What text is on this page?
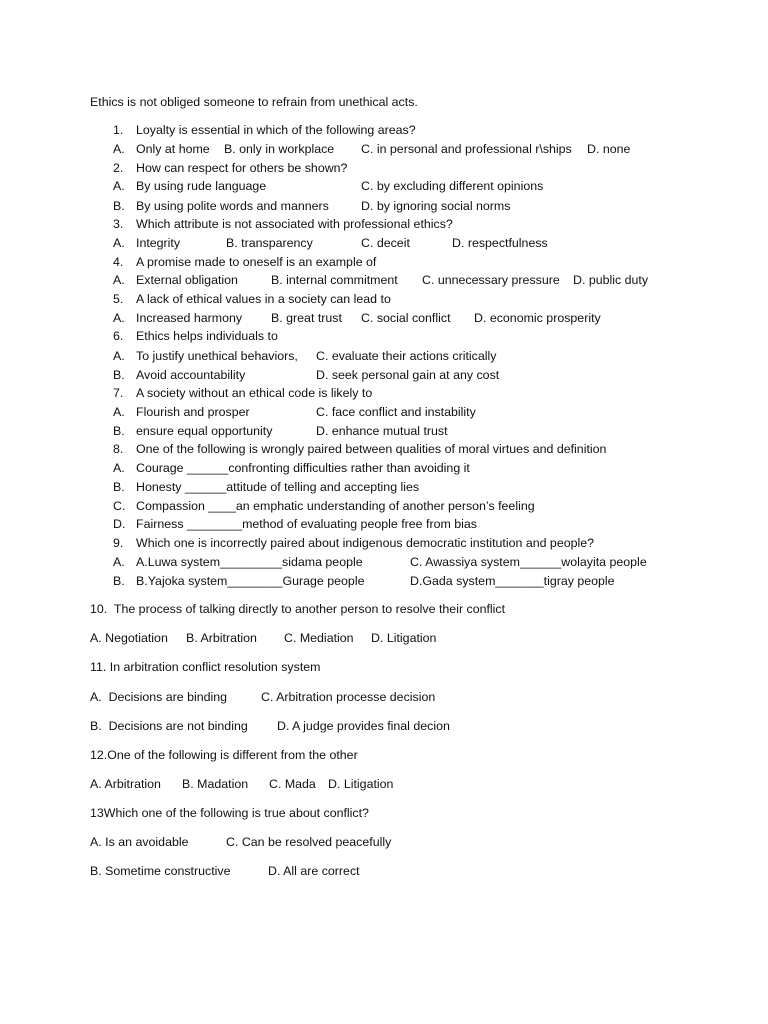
Ethics is not obliged someone to refrain from unethical acts.
1. Loyalty is essential in which of the following areas?
A. Only at home B. only in workplace C. in personal and professional r\ships D. none
2. How can respect for others be shown?
A. By using rude language	C. by excluding different opinions
B. By using polite words and manners	D. by ignoring social norms
3. Which attribute is not associated with professional ethics?
A. Integrity	B. transparency	C. deceit	D. respectfulness
4. A promise made to oneself is an example of
A. External obligation	B. internal commitment C. unnecessary pressure D. public duty
5. A lack of ethical values in a society can lead to
A. Increased harmony B. great trust C. social conflict D. economic prosperity
6. Ethics helps individuals to
A. To justify unethical behaviors, C. evaluate their actions critically
B. Avoid accountability	D. seek personal gain at any cost
7. A society without an ethical code is likely to
A. Flourish and prosper	C. face conflict and instability
B. ensure equal opportunity	D. enhance mutual trust
8. One of the following is wrongly paired between qualities of moral virtues and definition
A. Courage ______confronting difficulties rather than avoiding it
B. Honesty ______attitude of telling and accepting lies
C. Compassion ____an emphatic understanding of another person’s feeling
D. Fairness ________method of evaluating people free from bias
9. Which one is incorrectly paired about indigenous democratic institution and people?
A. A.Luwa system_________sidama people	C. Awassiya system______wolayita people
B. B.Yajoka system________Gurage people	D.Gada system_______tigray people
10.  The process of talking directly to another person to resolve their conflict
A. Negotiation B. Arbitration C. Mediation D. Litigation
11. In arbitration conflict resolution system
A.  Decisions are binding	C. Arbitration processe decision
B.  Decisions are not binding D. A judge provides final decion
12.One of the following is different from the other
A. Arbitration B. Madation C. Mada D. Litigation
13Which one of the following is true about conflict?
A. Is an avoidable	C. Can be resolved peacefully
B. Sometime constructive	D. All are correct
